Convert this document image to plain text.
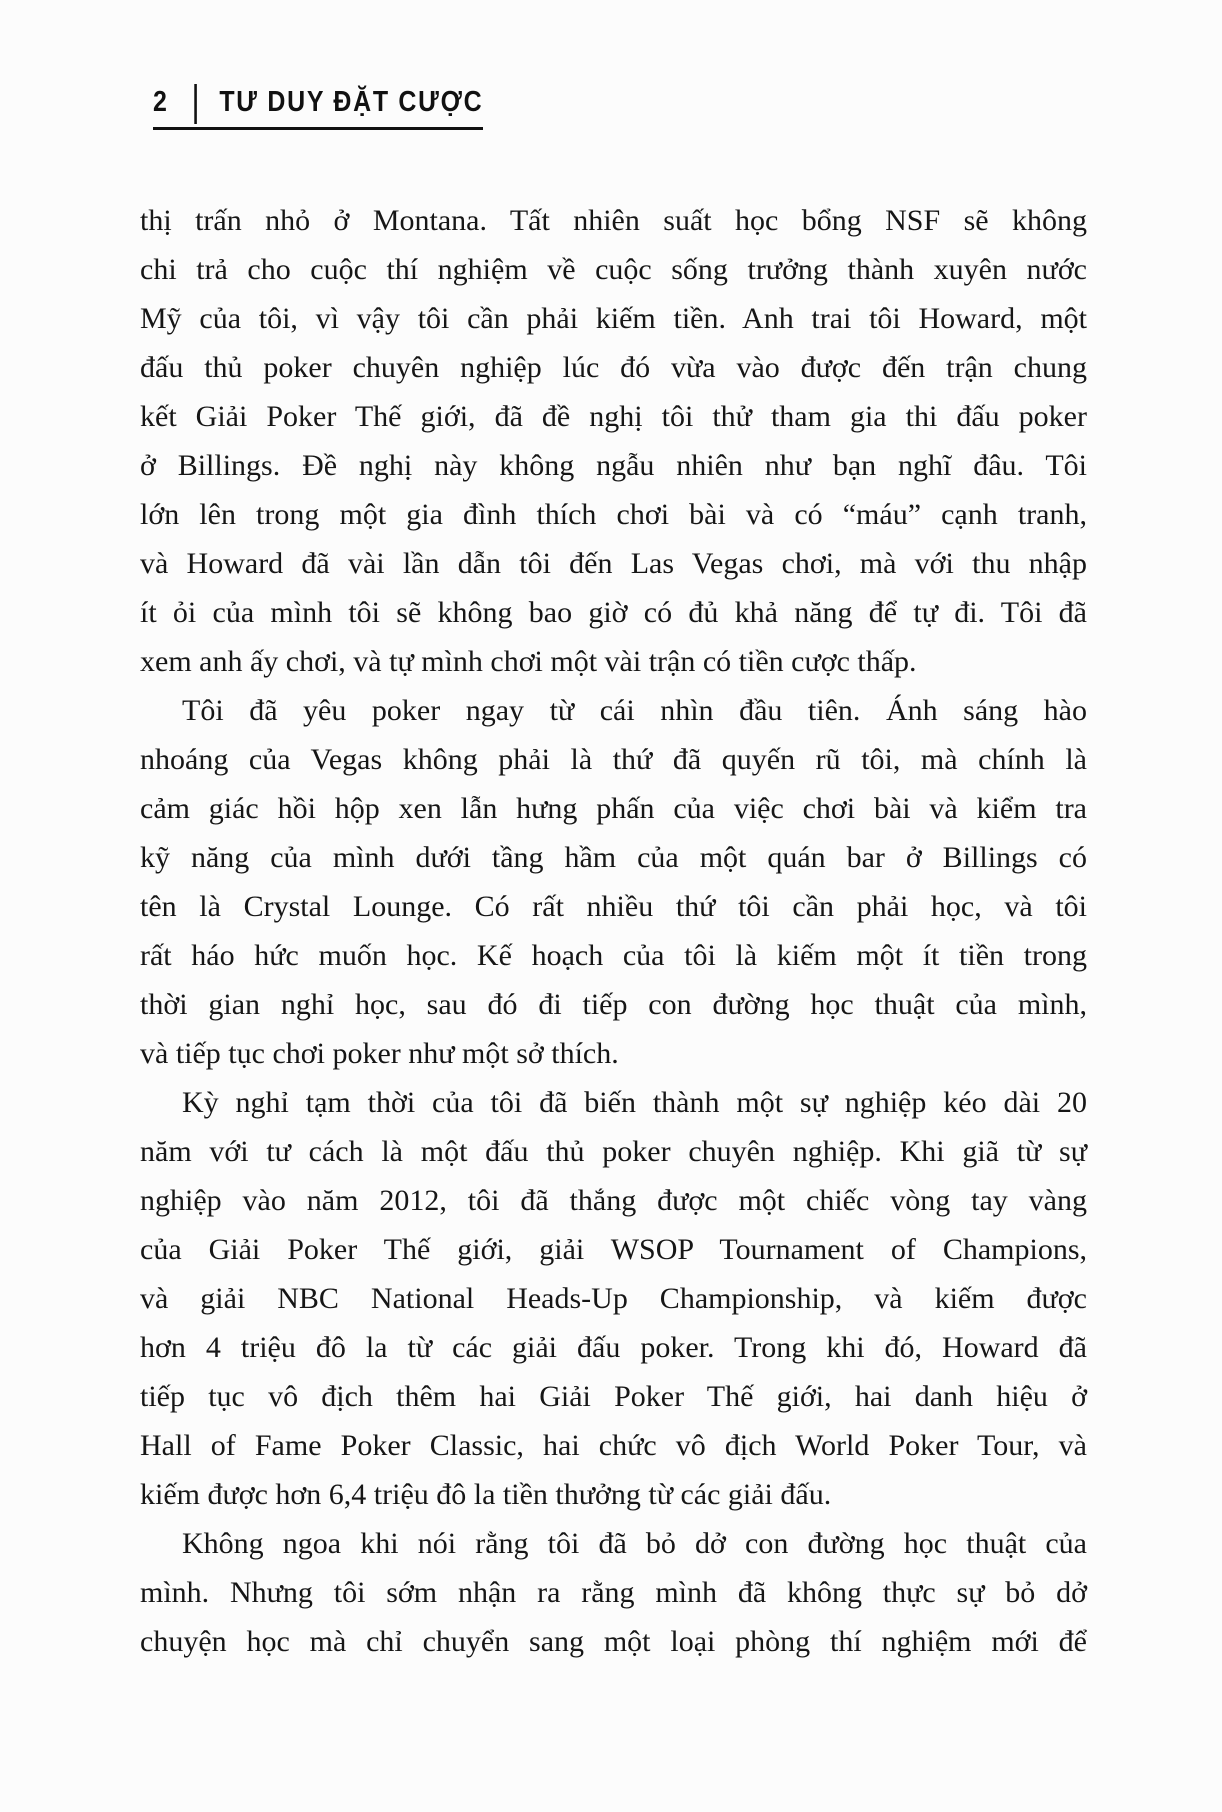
2 TƯ DUY ĐẶT CƯỢC
thị trấn nhỏ ở Montana. Tất nhiên suất học bổng NSF sẽ không
chi trả cho cuộc thí nghiệm về cuộc sống trưởng thành xuyên nước
Mỹ của tôi, vì vậy tôi cần phải kiếm tiền. Anh trai tôi Howard, một
đấu thủ poker chuyên nghiệp lúc đó vừa vào được đến trận chung
kết Giải Poker Thế giới, đã đề nghị tôi thử tham gia thi đấu poker
ở Billings. Đề nghị này không ngẫu nhiên như bạn nghĩ đâu. Tôi
lớn lên trong một gia đình thích chơi bài và có “máu” cạnh tranh,
và Howard đã vài lần dẫn tôi đến Las Vegas chơi, mà với thu nhập
ít ỏi của mình tôi sẽ không bao giờ có đủ khả năng để tự đi. Tôi đã
xem anh ấy chơi, và tự mình chơi một vài trận có tiền cược thấp.
Tôi đã yêu poker ngay từ cái nhìn đầu tiên. Ánh sáng hào
nhoáng của Vegas không phải là thứ đã quyến rũ tôi, mà chính là
cảm giác hồi hộp xen lẫn hưng phấn của việc chơi bài và kiểm tra
kỹ năng của mình dưới tầng hầm của một quán bar ở Billings có
tên là Crystal Lounge. Có rất nhiều thứ tôi cần phải học, và tôi
rất háo hức muốn học. Kế hoạch của tôi là kiếm một ít tiền trong
thời gian nghỉ học, sau đó đi tiếp con đường học thuật của mình,
và tiếp tục chơi poker như một sở thích.
Kỳ nghỉ tạm thời của tôi đã biến thành một sự nghiệp kéo dài 20
năm với tư cách là một đấu thủ poker chuyên nghiệp. Khi giã từ sự
nghiệp vào năm 2012, tôi đã thắng được một chiếc vòng tay vàng
của Giải Poker Thế giới, giải WSOP Tournament of Champions,
và giải NBC National Heads-Up Championship, và kiếm được
hơn 4 triệu đô la từ các giải đấu poker. Trong khi đó, Howard đã
tiếp tục vô địch thêm hai Giải Poker Thế giới, hai danh hiệu ở
Hall of Fame Poker Classic, hai chức vô địch World Poker Tour, và
kiếm được hơn 6,4 triệu đô la tiền thưởng từ các giải đấu.
Không ngoa khi nói rằng tôi đã bỏ dở con đường học thuật của
mình. Nhưng tôi sớm nhận ra rằng mình đã không thực sự bỏ dở
chuyện học mà chỉ chuyển sang một loại phòng thí nghiệm mới để
